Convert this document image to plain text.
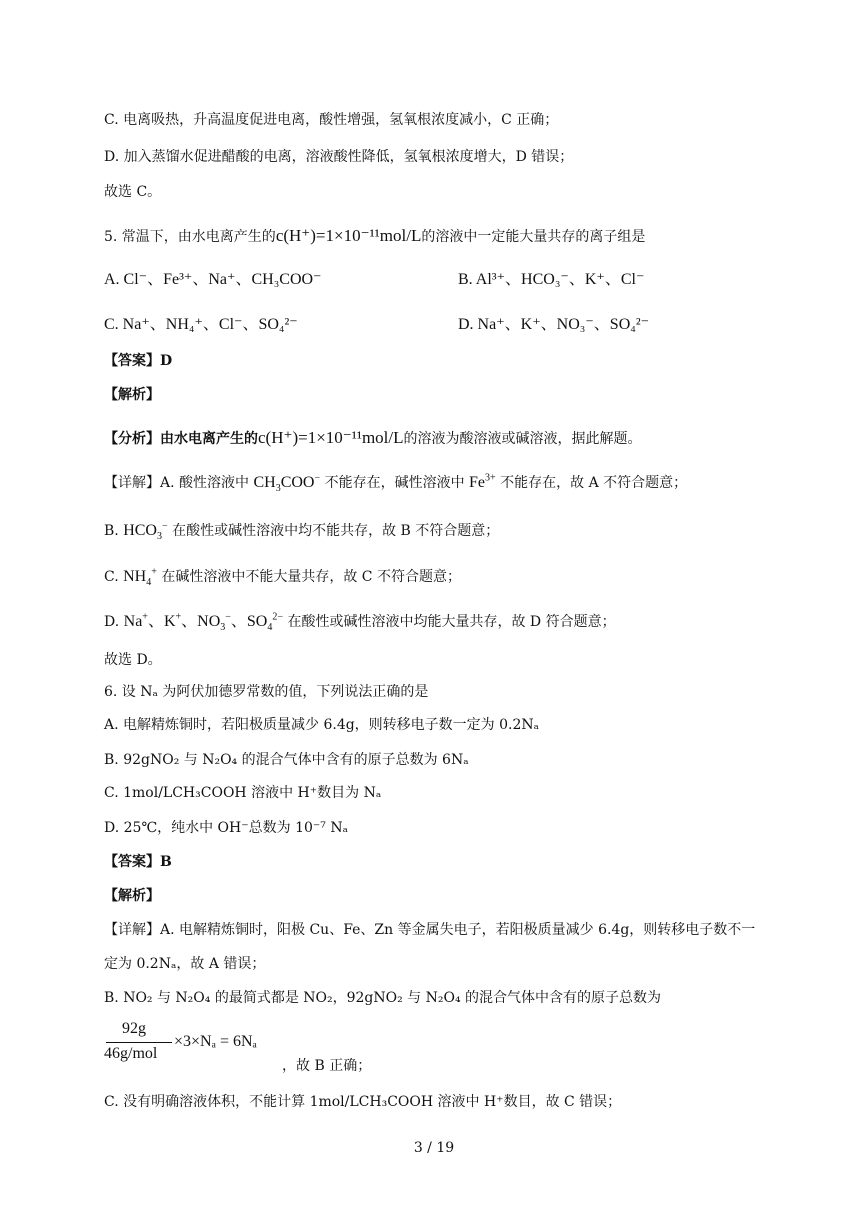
C. 电离吸热，升高温度促进电离，酸性增强，氢氧根浓度减小，C 正确；
D. 加入蒸馏水促进醋酸的电离，溶液酸性降低，氢氧根浓度增大，D 错误；
故选 C。
5. 常温下，由水电离产生的c(H⁺)=1×10⁻¹¹mol/L的溶液中一定能大量共存的离子组是
A. Cl⁻、Fe³⁺、Na⁺、CH₃COO⁻	B. Al³⁺、HCO₃⁻、K⁺、Cl⁻
C. Na⁺、NH₄⁺、Cl⁻、SO₄²⁻	D. Na⁺、K⁺、NO₃⁻、SO₄²⁻
【答案】D
【解析】
【分析】由水电离产生的c(H⁺)=1×10⁻¹¹mol/L的溶液为酸溶液或碱溶液，据此解题。
【详解】A. 酸性溶液中 $CH_3COO^-$ 不能存在，碱性溶液中 $Fe^{3+}$ 不能存在，故 A 不符合题意；
B. $HCO_3^-$ 在酸性或碱性溶液中均不能共存，故 B 不符合题意；
C. $NH_4^+$ 在碱性溶液中不能大量共存，故 C 不符合题意；
D. Na+、K+、$NO_3^-$、$SO_4^{2-}$ 在酸性或碱性溶液中均能大量共存，故 D 符合题意；
故选 D。
6. 设 Nₐ 为阿伏加德罗常数的值，下列说法正确的是
A. 电解精炼铜时，若阳极质量减少 6.4g，则转移电子数一定为 0.2Nₐ
B. 92gNO₂ 与 N₂O₄ 的混合气体中含有的原子总数为 6Nₐ
C. 1mol/LCH₃COOH 溶液中 H⁺数目为 Nₐ
D. 25℃，纯水中 OH⁻总数为 10⁻⁷ Nₐ
【答案】B
【解析】
【详解】A. 电解精炼铜时，阳极 Cu、Fe、Zn 等金属失电子，若阳极质量减少 6.4g，则转移电子数不一
定为 0.2Nₐ，故 A 错误；
B. NO₂ 与 N₂O₄ 的最简式都是 NO₂，92gNO₂ 与 N₂O₄ 的混合气体中含有的原子总数为
92g
46g/mol
×3×Nₐ = 6Nₐ
，故 B 正确；
C. 没有明确溶液体积，不能计算 1mol/LCH₃COOH 溶液中 H⁺数目，故 C 错误；
3 / 19
